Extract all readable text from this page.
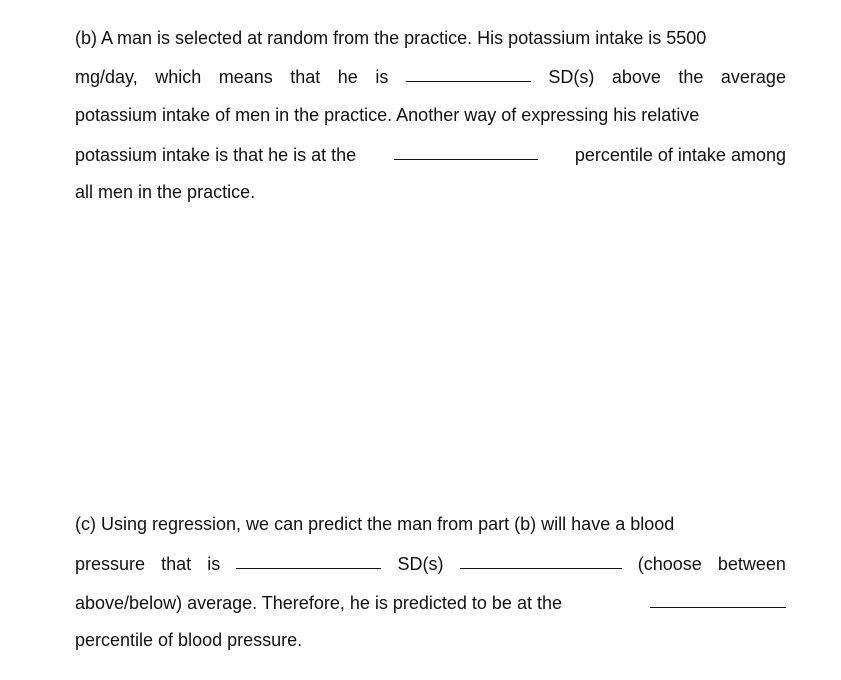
(b) A man is selected at random from the practice. His potassium intake is 5500
mg/day, which means that he is	SD(s) above the average
potassium intake of men in the practice. Another way of expressing his relative
potassium intake is that he is at the	percentile of intake among
all men in the practice.
(c) Using regression, we can predict the man from part (b) will have a blood
pressure that is	SD(s)	(choose between
above/below) average. Therefore, he is predicted to be at the
percentile of blood pressure.
